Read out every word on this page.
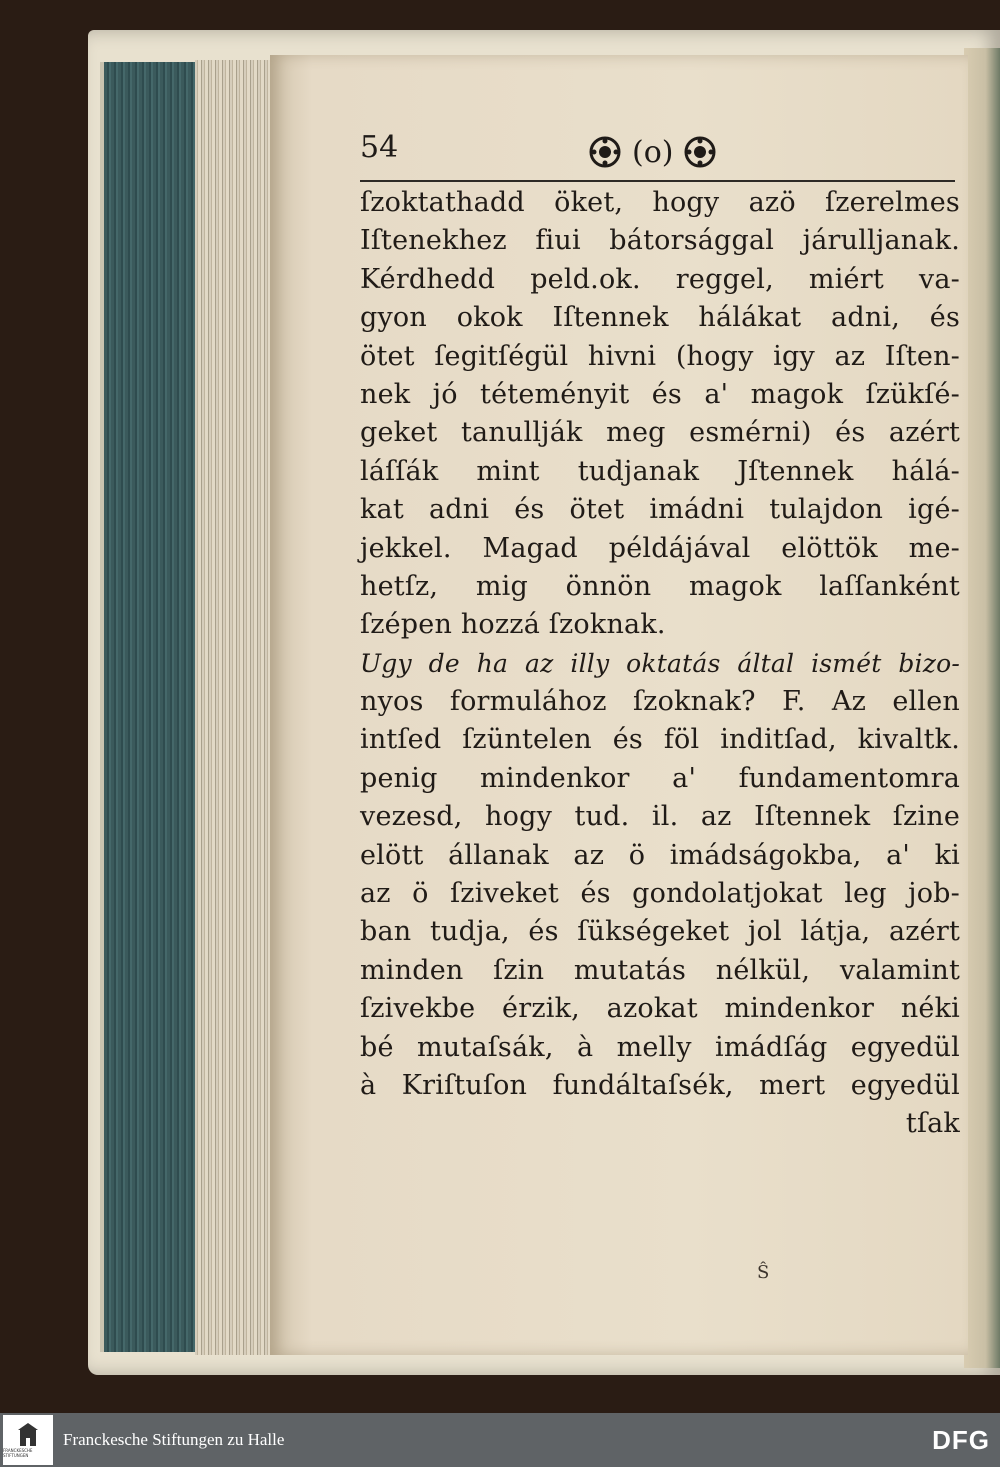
54	(o)
ſzoktathadd öket, hogy azö ſzerelmes
Iſtenekhez fiui bátorsággal járulljanak.
Kérdhedd peld.ok. reggel, miért va-
gyon okok Iſtennek hálákat adni, és
ötet ſegitſégül hivni (hogy igy az Iſten-
nek jó téteményit és a' magok ſzükſé-
geket tanullják meg esmérni) és azért
láſſák mint tudjanak Jſtennek hálá-
kat adni és ötet imádni tulajdon igé-
jekkel. Magad példájával elöttök me-
hetſz, mig önnön magok laſſanként
ſzépen hozzá ſzoknak.
Ugy de ha az illy oktatás által ismét bizo-
nyos formulához ſzoknak? F. Az ellen
intſed ſzüntelen és föl inditſad, kivaltk.
penig mindenkor a' fundamentomra
vezesd, hogy tud. il. az Iſtennek ſzine
elött állanak az ö imádságokba, a' ki
az ö ſziveket és gondolatjokat leg job-
ban tudja, és ſükségeket jol látja, azért
minden ſzin mutatás nélkül, valamint
ſzivekbe érzik, azokat mindenkor néki
bé mutaſsák, à melly imádſág egyedül
à Kriſtuſon fundáltaſsék, mert egyedül
tſak
Ŝ
FRANCKESCHE STIFTUNGEN
Franckesche Stiftungen zu Halle	DFG
